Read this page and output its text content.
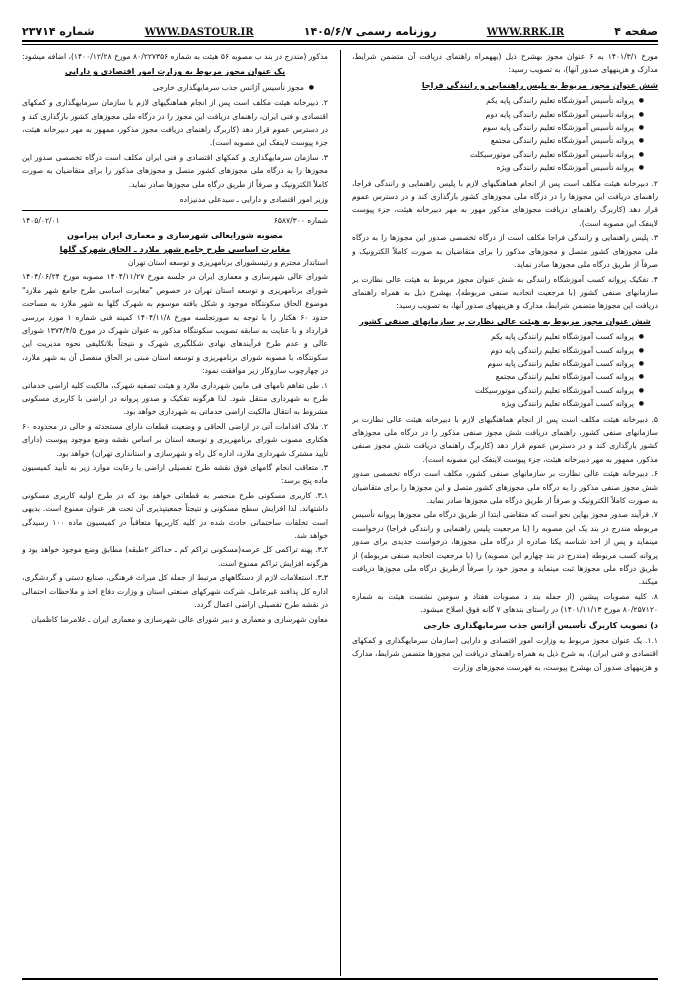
صفحه ۴
WWW.RRK.IR
روزنامه رسمی ۱۴۰۵/۶/۷
WWW.DASTOUR.IR
شماره ۲۳۷۱۴

مورخ ۱۴۰۱/۳/۱ به ۶ عنوان مجوز بهشرح ذیل (بههمراه راهنمای دریافت آن متضمن شرایط، مدارک و هزینههای صدور آنها)، به تصویب رسید:

شش عنوان مجوز مربوط به پلیس راهنمایی و رانندگی فراجا
● پروانه تأسیس آموزشگاه تعلیم رانندگی پایه یکم
● پروانه تأسیس آموزشگاه تعلیم رانندگی پایه دوم
● پروانه تأسیس آموزشگاه تعلیم رانندگی پایه سوم
● پروانه تأسیس آموزشگاه تعلیم رانندگی مجتمع
● پروانه تأسیس آموزشگاه تعلیم رانندگی موتورسیکلت
● پروانه تأسیس آموزشگاه تعلیم رانندگی ویژه

۲. دبیرخانه هیئت مکلف است پس از انجام هماهنگیهای لازم با پلیس راهنمایی و رانندگی فراجا، راهنمای دریافت این مجوزها را در درگاه ملی مجوزهای کشور بارگذاری کند و در دسترس عموم قرار دهد (کاربرگ راهنمای دریافت مجوزهای مذکور مهور به مهر دبیرخانه هیئت، جزء پیوست لاینفک این مصوبه است).

۳. پلیس راهنمایی و رانندگی فراجا مکلف است از درگاه تخصصی صدور این مجوزها را به درگاه ملی مجوزهای کشور متصل و مجوزهای مذکور را برای متقاضیان به صورت کاملاً الکترونیک و صرفاً از طریق درگاه ملی مجوزها صادر نماید.

۴. تفکیک پروانه کسب آموزشگاه رانندگی به شش عنوان مجوز مربوط به هیئت عالی نظارت بر سازمانهای صنفی کشور (با مرجعیت اتحادیه صنفی مربوطه)، بهشرح ذیل به همراه راهنمای دریافت این مجوزها متضمن شرایط، مدارک و هزینههای صدور آنها، به تصویب رسید:

شش عنوان مجوز مربوط به هیئت عالی نظارت بر سازمانهای صنفی کشور
● پروانه کسب آموزشگاه تعلیم رانندگی پایه یکم
● پروانه کسب آموزشگاه تعلیم رانندگی پایه دوم
● پروانه کسب آموزشگاه تعلیم رانندگی پایه سوم
● پروانه کسب آموزشگاه تعلیم رانندگی مجتمع
● پروانه کسب آموزشگاه تعلیم رانندگی موتورسیکلت
● پروانه کسب آموزشگاه تعلیم رانندگی ویژه

۵. دبیرخانه هیئت مکلف است پس از انجام هماهنگیهای لازم با دبیرخانه هیئت عالی نظارت بر سازمانهای صنفی کشور، راهنمای دریافت شش مجوز صنفی مذکور را در درگاه ملی مجوزهای کشور بارگذاری کند و در دسترس عموم قرار دهد (کاربرگ راهنمای دریافت شش مجوز صنفی مذکور، ممهور به مهر دبیرخانه هیئت، جزء پیوست لاینفک این مصوبه است).

۶. دبیرخانه هیئت عالی نظارت بر سازمانهای صنفی کشور، مکلف است درگاه تخصصی صدور شش مجوز صنفی مذکور را به درگاه ملی مجوزهای کشور متصل و این مجوزها را برای متقاضیان به صورت کاملاً الکترونیک و صرفاً از طریق درگاه ملی مجوزها صادر نماید.

۷. فرآیند صدور مجوز بهاین نحو است که متقاضی ابتدا از طریق درگاه ملی مجوزها پروانه تأسیس مربوطه مندرج در بند یک این مصوبه را (با مرجعیت پلیس راهنمایی و رانندگی فراجا) درخواست مینماید و پس از اخذ شناسه یکتا صادره از درگاه ملی مجوزها، درخواست جدیدی برای صدور پروانه کسب مربوطه (مندرج در بند چهارم این مصوبه) را (با مرجعیت اتحادیه صنفی مربوطه) از طریق درگاه ملی مجوزها ثبت مینماید و مجوز خود را صرفاً ازطریق درگاه ملی مجوزها دریافت میکند.

۸. کلیه مصوبات پیشین (از جمله بند د مصوبات هفتاد و سومین نشست هیئت به شماره ۸۰/۲۵۷۱۲۰ مورخ ۱۴۰۱/۱۱/۱۳) در راستای بندهای ۷ گانه فوق اصلاح میشود.

د) تصویب کاربرگ تأسیس آژانس جذب سرمایهگذاری خارجی

۱.۱. یک عنوان مجوز مربوط به وزارت امور اقتصادی و دارایی (سازمان سرمایهگذاری و کمکهای اقتصادی و فنی ایران)، به شرح ذیل به همراه راهنمای دریافت این مجوزها متضمن شرایط، مدارک و هزینههای صدور آن بهشرح پیوست، به فهرست مجوزهای وزارت

مذکور (مندرج در بند ب مصوبه ۵۶ هیئت به شماره ۸۰/۲۲۷۳۵۶ مورخ ۱۴۰۰/۱۲/۲۸)، اضافه میشود:

یک عنوان مجوز مربوط به وزارت امور اقتصادی و دارایی
● مجوز تأسیس آژانس جذب سرمایهگذاری خارجی

۲. دبیرخانه هیئت مکلف است پس از انجام هماهنگیهای لازم با سازمان سرمایهگذاری و کمکهای اقتصادی و فنی ایران، راهنمای دریافت این مجوز را در درگاه ملی مجوزهای کشور بارگذاری کند و در دسترس عموم قرار دهد (کاربرگ راهنمای دریافت مجوز مذکور، ممهور به مهر دبیرخانه هیئت، جزء پیوست لاینفک این مصوبه است).

۳. سازمان سرمایهگذاری و کمکهای اقتصادی و فنی ایران مکلف است درگاه تخصصی صدور این مجوزها را به درگاه ملی مجوزهای کشور متصل و مجوزهای مذکور را برای متقاضیان به صورت کاملاً الکترونیک و صرفاً از طریق درگاه ملی مجوزها صادر نماید.

وزیر امور اقتصادی و دارایی ـ سیدعلی مدنیزاده

شماره ۶۵۸۷/۳۰۰
۱۴۰۵/۰۲/۰۱
مصوبه شورایعالی شهرسازی و معماری ایران پیرامون
مغایرت اساسی طرح جامع شهر ملارد ـ الحاق شهرک گلها

استاندار محترم و رئیسشورای برنامهریزی و توسعه استان تهران

شورای عالی شهرسازی و معماری ایران در جلسه مورخ ۱۴۰۴/۱۱/۲۷ مصوبه مورخ ۱۴۰۴/۰۶/۲۴ شورای برنامهریزی و توسعه استان تهران در خصوص "مغایرت اساسی طرح جامع شهر ملارد" موضوع الحاق سکونتگاه موجود و شکل یافته موسوم به شهرک گلها به شهر ملارد به مساحت حدود ۶۰ هکتار را با توجه به صورتجلسه مورخ ۱۴۰۴/۱۱/۸ کمیته فنی شماره ۱ مورد بررسی قرارداد و با عنایت به سابقه تصویب سکونتگاه مذکور به عنوان شهرک در مورخ ۱۳۷۴/۴/۵ شورای عالی و عدم طرح فرآیندهای نهادی شکلگیری شهرک و نتیجتاً بلاتکلیفی نحوه مدیریت این سکونتگاه، با مصوبه شورای برنامهریزی و توسعه استان مبنی بر الحاق منفصل آن به شهر ملارد، در چهارچوب سازوکار زیر موافقت نمود:

۱. طی تفاهم نامهای فی مابین شهرداری ملارد و هیئت تصفیه شهرک، مالکیت کلیه اراضی خدماتی طرح به شهرداری منتقل شود. لذا هرگونه تفکیک و صدور پروانه در اراضی با کاربری مسکونی مشروط به انتقال مالکیت اراضی خدماتی به شهرداری خواهد بود.

۲. ملاک اقدامات آتی در اراضی الحاقی و وضعیت قطعات دارای مستحدثه و خالی در محدوده ۶۰ هکتاری مصوب شورای برنامهریزی و توسعه استان بر اساس نقشه وضع موجود پیوست (دارای تأیید مشترک شهرداری ملارد، اداره کل راه و شهرسازی و استانداری تهران) خواهد بود.

۳. متعاقب انجام گامهای فوق نقشه طرح تفصیلی اراضی با رعایت موارد زیر به تأیید کمیسیون ماده پنج برسد:

۱ـ۳. کاربری مسکونی طرح منحصر به قطعاتی خواهد بود که در طرح اولیه کاربری مسکونی داشتهاند. لذا افزایش سطح مسکونی و نتیجتاً جمعیتپذیری آن تحت هر عنوان ممنوع است. بدیهی است تخلفات ساختمانی حادث شده در کلیه کاربریها متعاقباً در کمیسیون ماده ۱۰۰ رسیدگی خواهد شد.

۲ـ۳. پهنه تراکمی کل عرصه(مسکونی تراکم کم ـ حداکثر ۲طبقه) مطابق وضع موجود خواهد بود و هرگونه افزایش تراکم ممنوع است.

۳ـ۳. استعلامات لازم از دستگاههای مرتبط از جمله کل میراث فرهنگی، صنایع دستی و گردشگری، اداره کل پدافند غیرعامل، شرکت شهرکهای صنعتی استان و وزارت دفاع اخذ و ملاحظات احتمالی در نقشه طرح تفصیلی اراضی اعمال گردد.

معاون شهرسازی و معماری و دبیر شورای عالی شهرسازی و معماری ایران ـ غلامرضا کاظمیان
